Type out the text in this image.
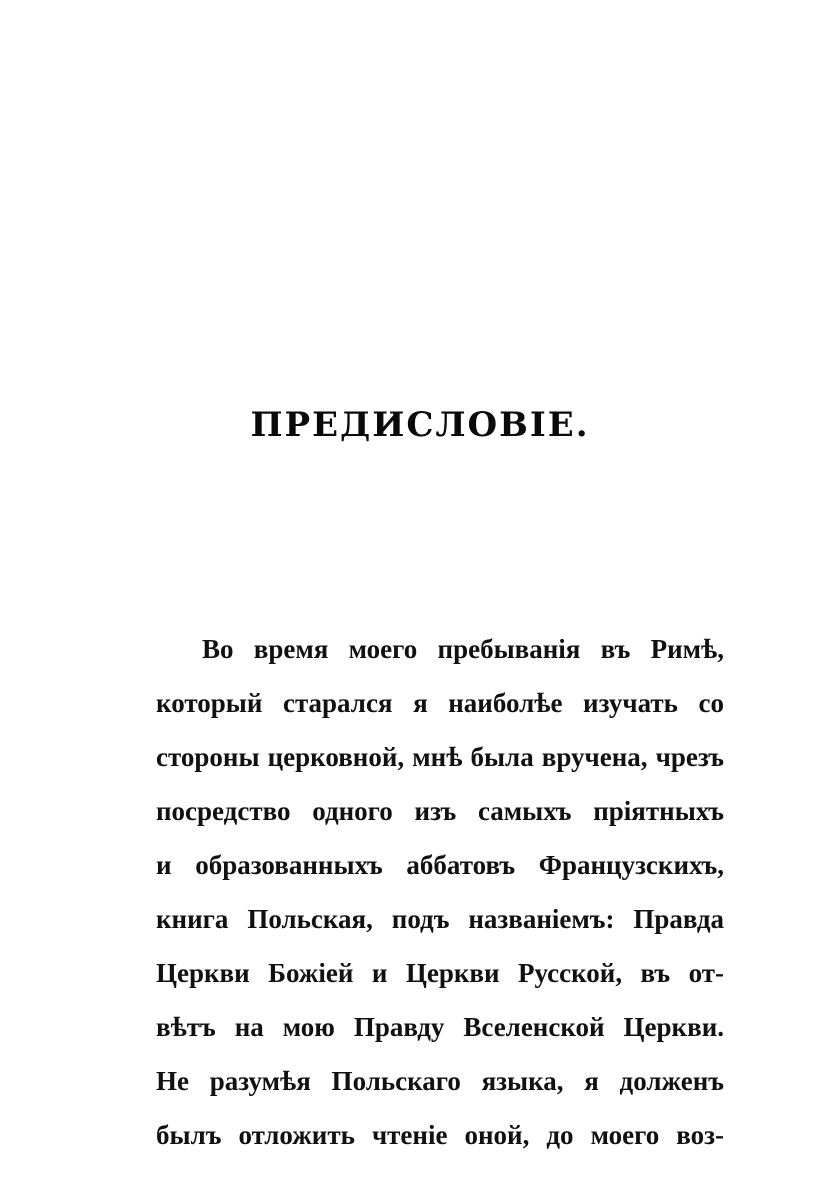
ПРЕДИСЛОВІЕ.
Во время моего пребыванія въ Римѣ,
который старался я наиболѣе изучать со
стороны церковной, мнѣ была вручена, чрезъ
посредство одного изъ самыхъ пріятныхъ
и образованныхъ аббатовъ Французскихъ,
книга Польская, подъ названіемъ: Правда
Церкви Божіей и Церкви Русской, въ от-
вѣтъ на мою Правду Вселенской Церкви.
Не разумѣя Польскаго языка, я долженъ
былъ отложить чтеніе оной, до моего воз-
